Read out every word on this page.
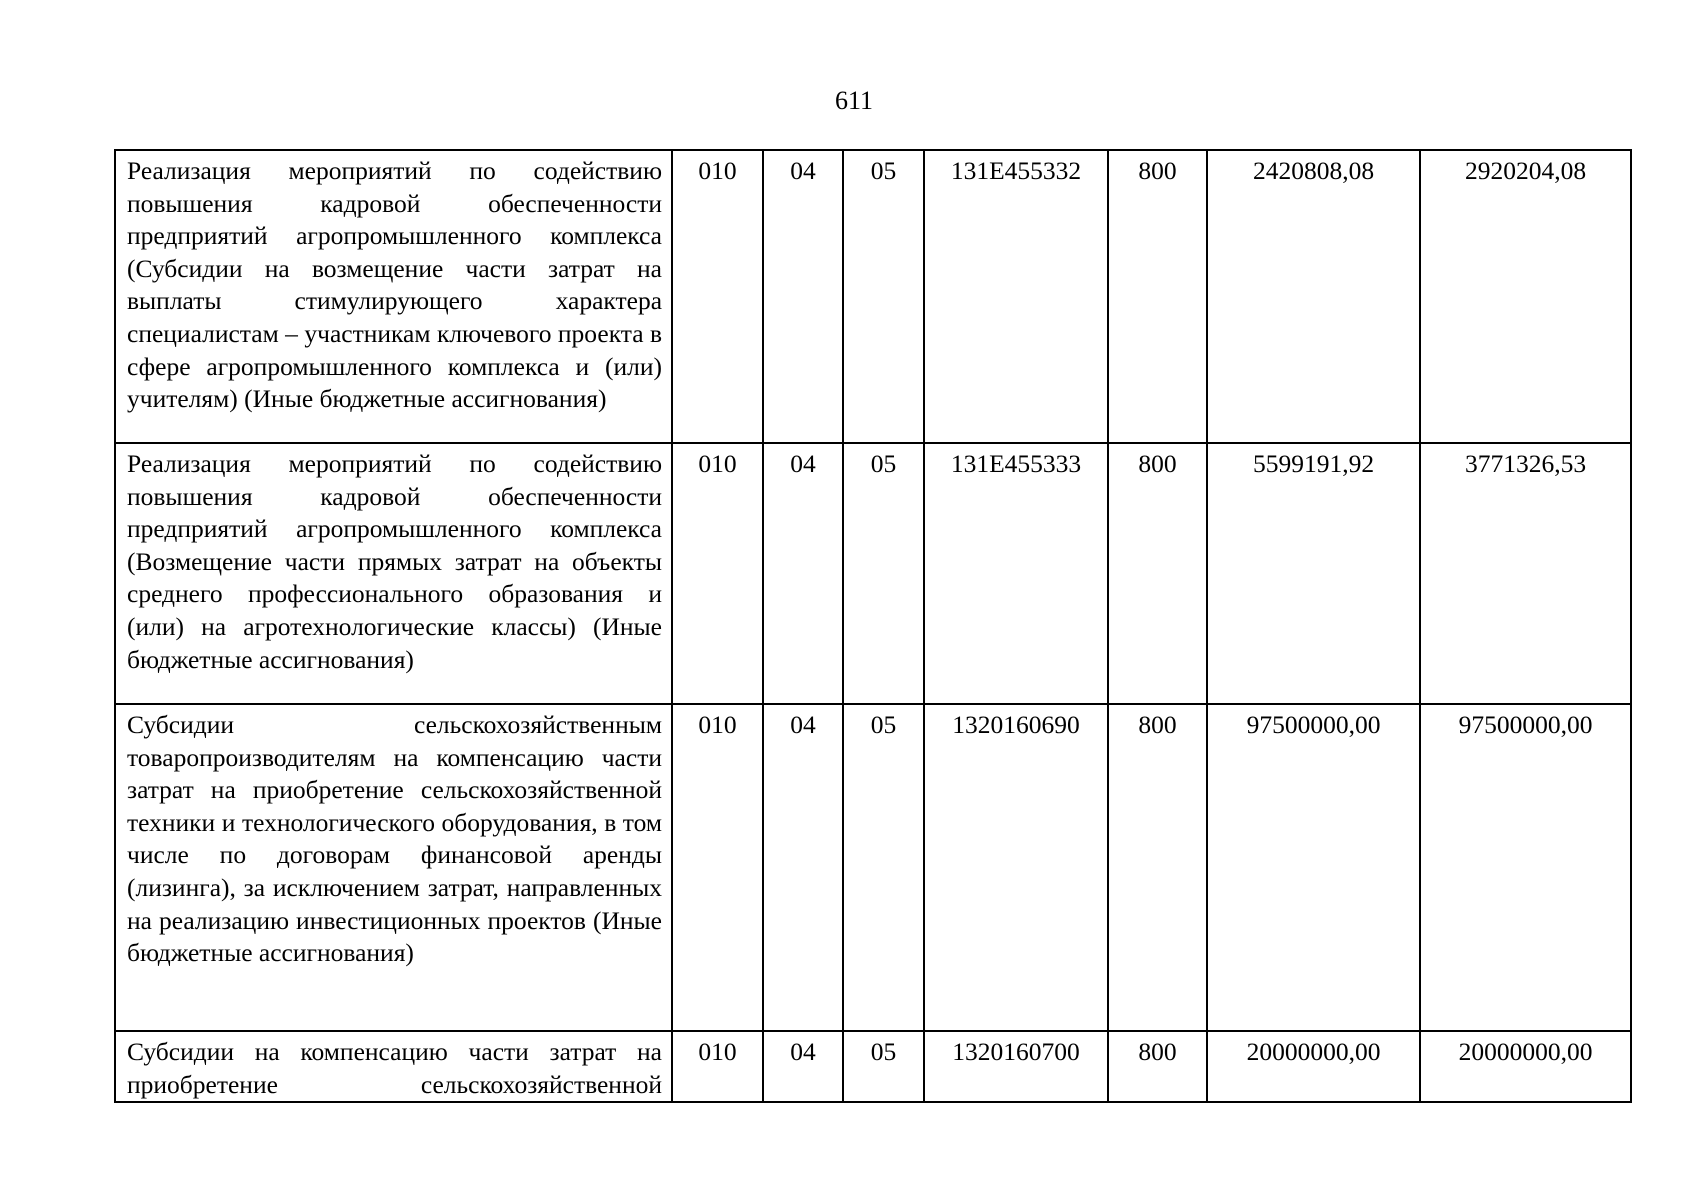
611
Реализация мероприятий по содействию повышения кадровой обеспеченности предприятий агропромышленного комплекса (Субсидии на возмещение части затрат на выплаты стимулирующего характера специалистам – участникам ключевого проекта в сфере агропромышленного комплекса и (или)
учителям) (Иные бюджетные ассигнования)	010	04	05	131Е455332	800	2420808,08	2920204,08
Реализация мероприятий по содействию повышения кадровой обеспеченности предприятий агропромышленного комплекса (Возмещение части прямых затрат на объекты среднего профессионального образования и (или) на агротехнологические классы) (Иные
бюджетные ассигнования)	010	04	05	131Е455333	800	5599191,92	3771326,53
Субсидии сельскохозяйственным товаропроизводителям на компенсацию части затрат на приобретение сельскохозяйственной техники и технологического оборудования, в том числе по договорам финансовой аренды (лизинга), за исключением затрат, направленных на реализацию инвестиционных проектов (Иные
бюджетные ассигнования)	010	04	05	1320160690	800	97500000,00	97500000,00
Субсидии на компенсацию части затрат на приобретение сельскохозяйственной	010	04	05	1320160700	800	20000000,00	20000000,00
